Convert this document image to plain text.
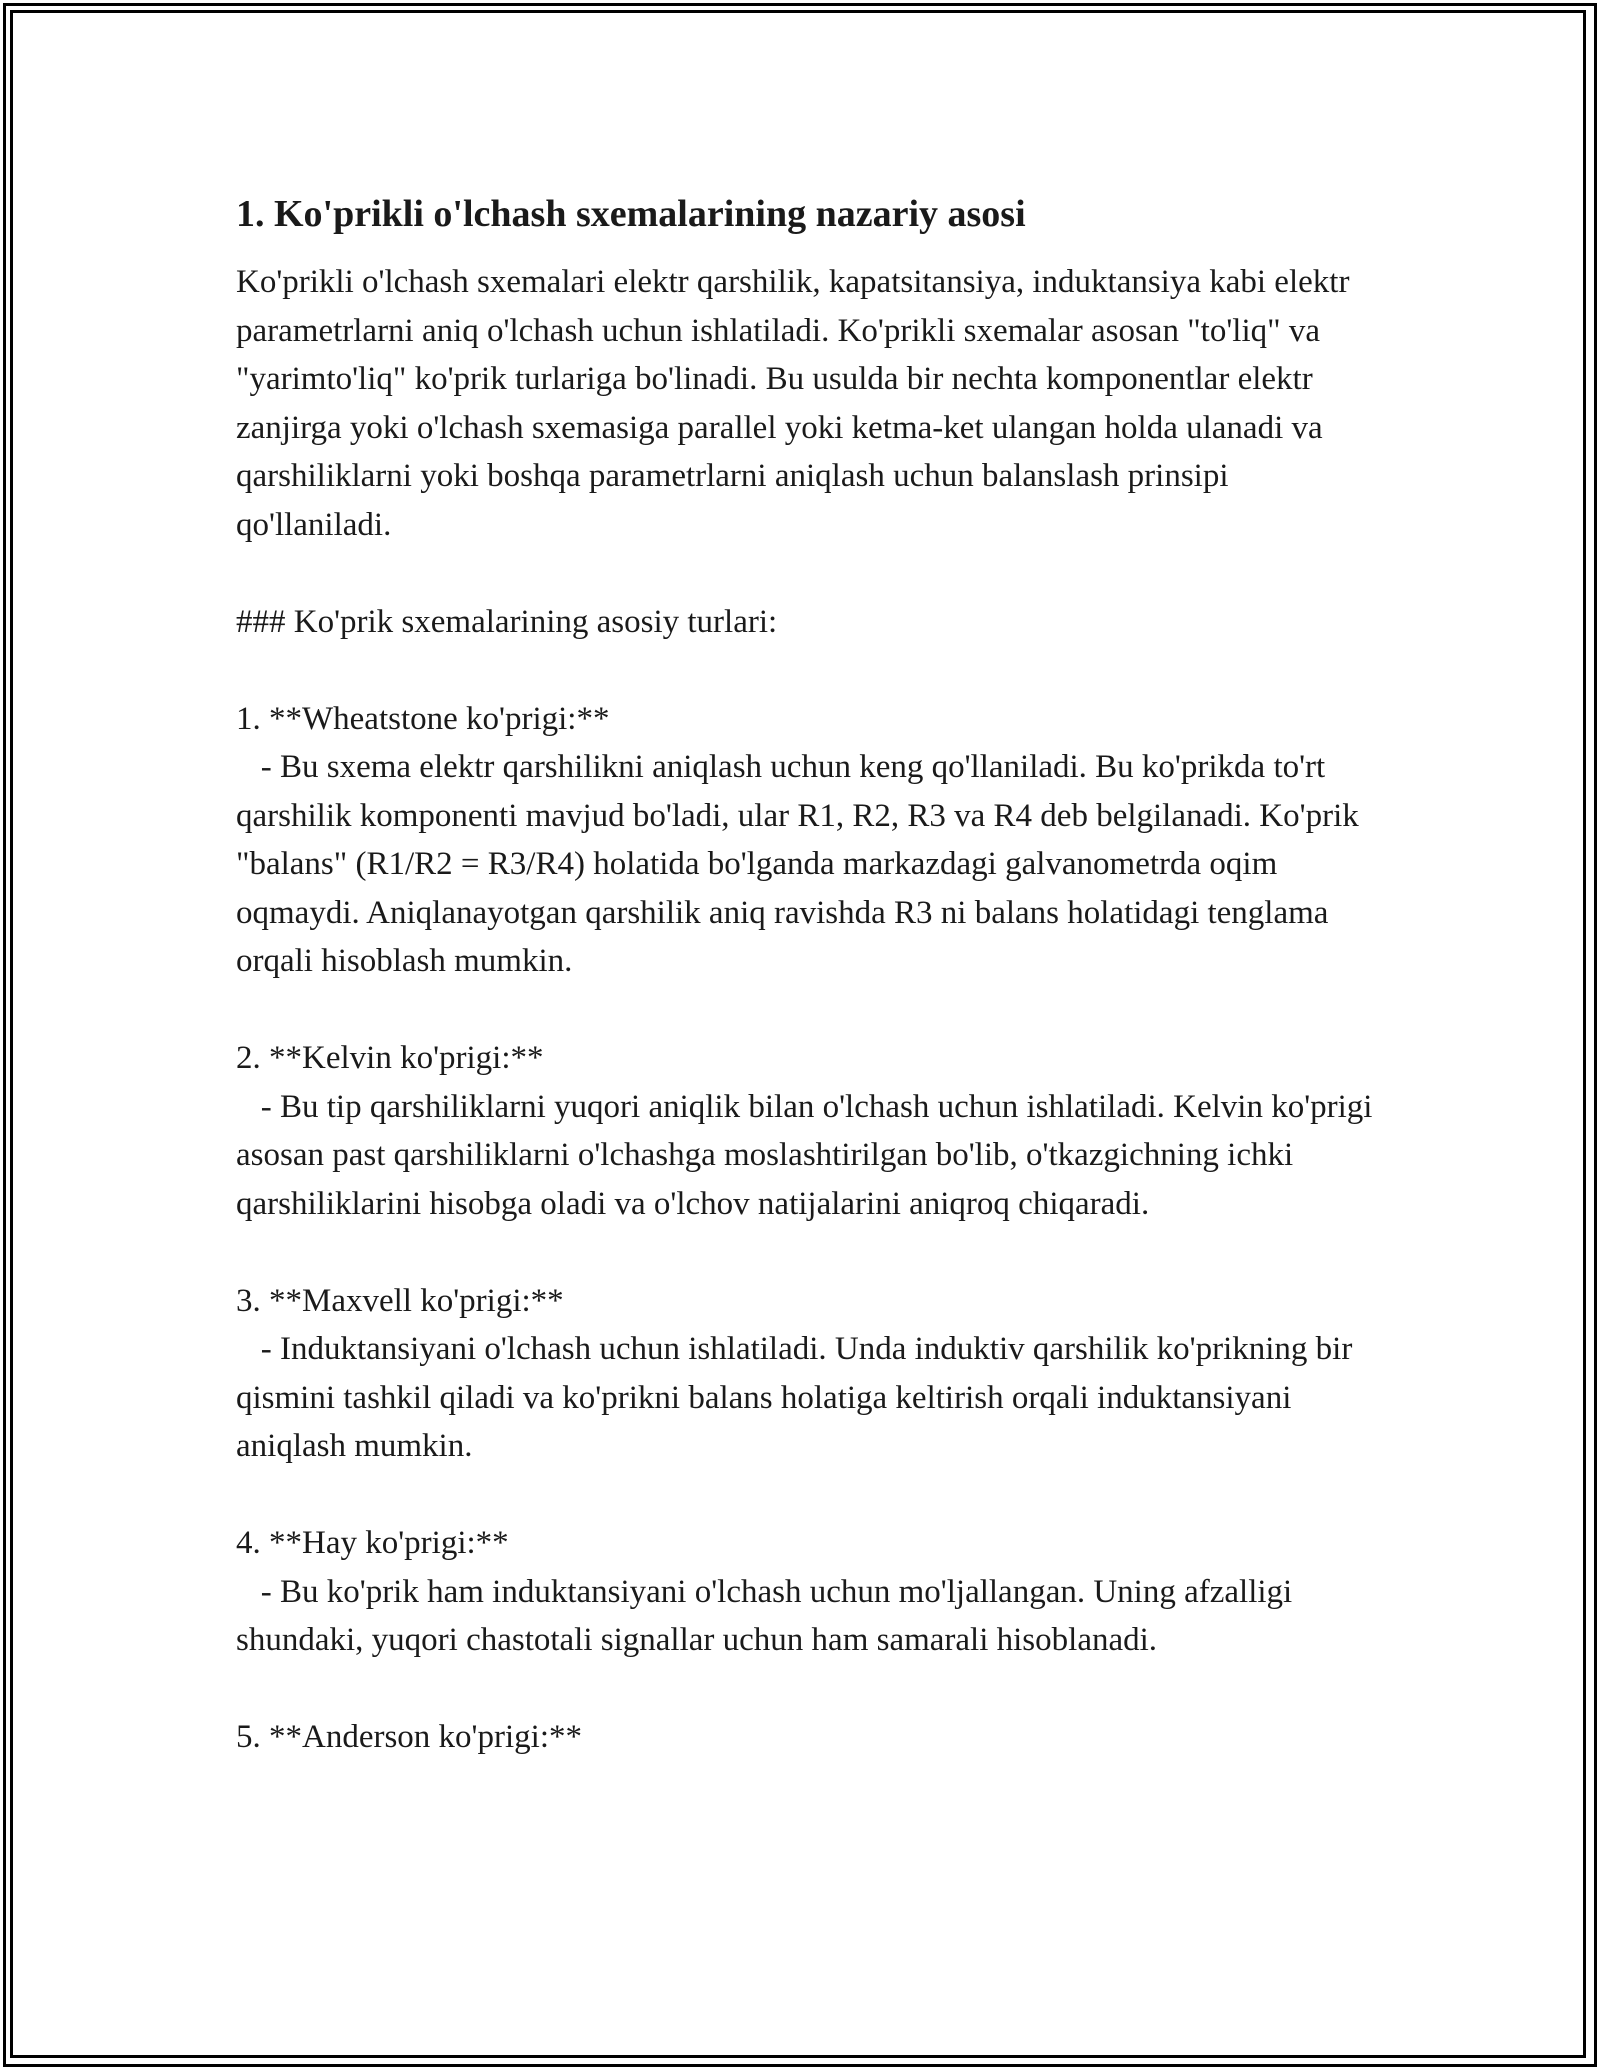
1. Ko'prikli o'lchash sxemalarining nazariy asosi

Ko'prikli o'lchash sxemalari elektr qarshilik, kapatsitansiya, induktansiya kabi elektr parametrlarni aniq o'lchash uchun ishlatiladi. Ko'prikli sxemalar asosan "to'liq" va "yarimto'liq" ko'prik turlariga bo'linadi. Bu usulda bir nechta komponentlar elektr zanjirga yoki o'lchash sxemasiga parallel yoki ketma-ket ulangan holda ulanadi va qarshiliklarni yoki boshqa parametrlarni aniqlash uchun balanslash prinsipi qo'llaniladi.

### Ko'prik sxemalarining asosiy turlari:

1. **Wheatstone ko'prigi:**

- Bu sxema elektr qarshilikni aniqlash uchun keng qo'llaniladi. Bu ko'prikda to'rt qarshilik komponenti mavjud bo'ladi, ular R1, R2, R3 va R4 deb belgilanadi. Ko'prik "balans" (R1/R2 = R3/R4) holatida bo'lganda markazdagi galvanometrda oqim oqmaydi. Aniqlanayotgan qarshilik aniq ravishda R3 ni balans holatidagi tenglama orqali hisoblash mumkin.

2. **Kelvin ko'prigi:**

- Bu tip qarshiliklarni yuqori aniqlik bilan o'lchash uchun ishlatiladi. Kelvin ko'prigi asosan past qarshiliklarni o'lchashga moslashtirilgan bo'lib, o'tkazgichning ichki qarshiliklarini hisobga oladi va o'lchov natijalarini aniqroq chiqaradi.

3. **Maxvell ko'prigi:**

- Induktansiyani o'lchash uchun ishlatiladi. Unda induktiv qarshilik ko'prikning bir qismini tashkil qiladi va ko'prikni balans holatiga keltirish orqali induktansiyani aniqlash mumkin.

4. **Hay ko'prigi:**

- Bu ko'prik ham induktansiyani o'lchash uchun mo'ljallangan. Uning afzalligi shundaki, yuqori chastotali signallar uchun ham samarali hisoblanadi.

5. **Anderson ko'prigi:**
